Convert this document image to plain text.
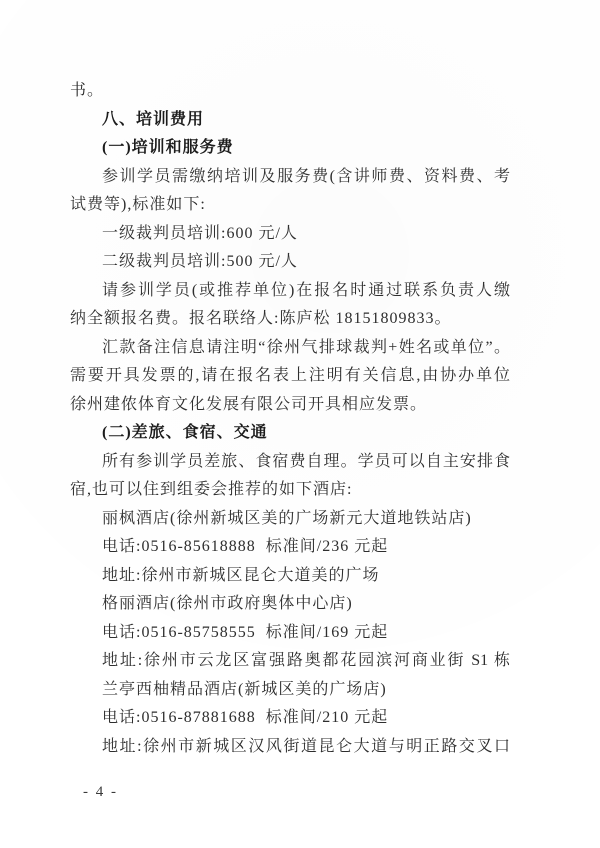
书。
八、培训费用
(一)培训和服务费
参训学员需缴纳培训及服务费(含讲师费、资料费、考
试费等),标准如下:
一级裁判员培训:600 元/人
二级裁判员培训:500 元/人
请参训学员(或推荐单位)在报名时通过联系负责人缴
纳全额报名费。报名联络人:陈庐松 18151809833。
汇款备注信息请注明“徐州气排球裁判+姓名或单位”。
需要开具发票的,请在报名表上注明有关信息,由协办单位
徐州建侬体育文化发展有限公司开具相应发票。
(二)差旅、食宿、交通
所有参训学员差旅、食宿费自理。学员可以自主安排食
宿,也可以住到组委会推荐的如下酒店:
丽枫酒店(徐州新城区美的广场新元大道地铁站店)
电话:0516-85618888  标准间/236 元起
地址:徐州市新城区昆仑大道美的广场
格丽酒店(徐州市政府奥体中心店)
电话:0516-85758555  标准间/169 元起
地址:徐州市云龙区富强路奥都花园滨河商业街 S1 栋
兰亭西柚精品酒店(新城区美的广场店)
电话:0516-87881688  标准间/210 元起
地址:徐州市新城区汉风街道昆仑大道与明正路交叉口
- 4 -
